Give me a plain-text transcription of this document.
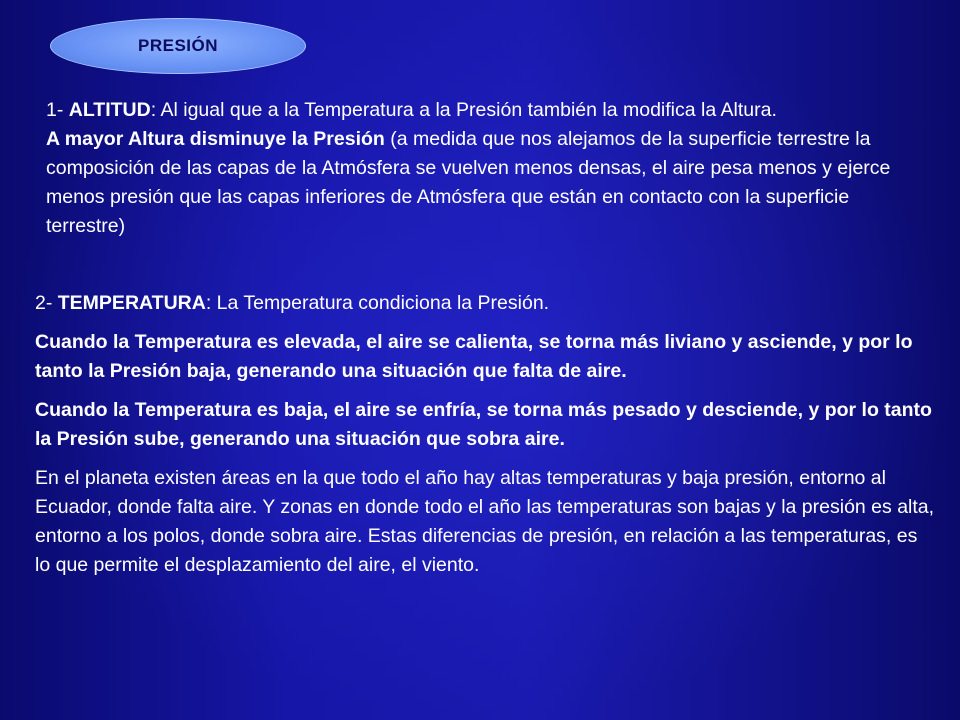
PRESIÓN

1- ALTITUD: Al igual que a la Temperatura a la Presión también la modifica la Altura.

A mayor Altura disminuye la Presión (a medida que nos alejamos de la superficie terrestre la composición de las capas de la Atmósfera se vuelven menos densas, el aire pesa menos y ejerce menos presión que las capas inferiores de Atmósfera que están en contacto con la superficie terrestre)

2- TEMPERATURA: La Temperatura condiciona la Presión.

Cuando la Temperatura es elevada, el aire se calienta, se torna más liviano y asciende, y por lo tanto la Presión baja, generando una situación que falta de aire.

Cuando la Temperatura es baja, el aire se enfría, se torna más pesado y desciende, y por lo tanto la Presión sube, generando una situación que sobra aire.

En el planeta existen áreas en la que todo el año hay altas temperaturas y baja presión, entorno al Ecuador, donde falta aire. Y zonas en donde todo el año las temperaturas son bajas y la presión es alta, entorno a los polos, donde sobra aire. Estas diferencias de presión, en relación a las temperaturas, es lo que permite el desplazamiento del aire, el viento.
